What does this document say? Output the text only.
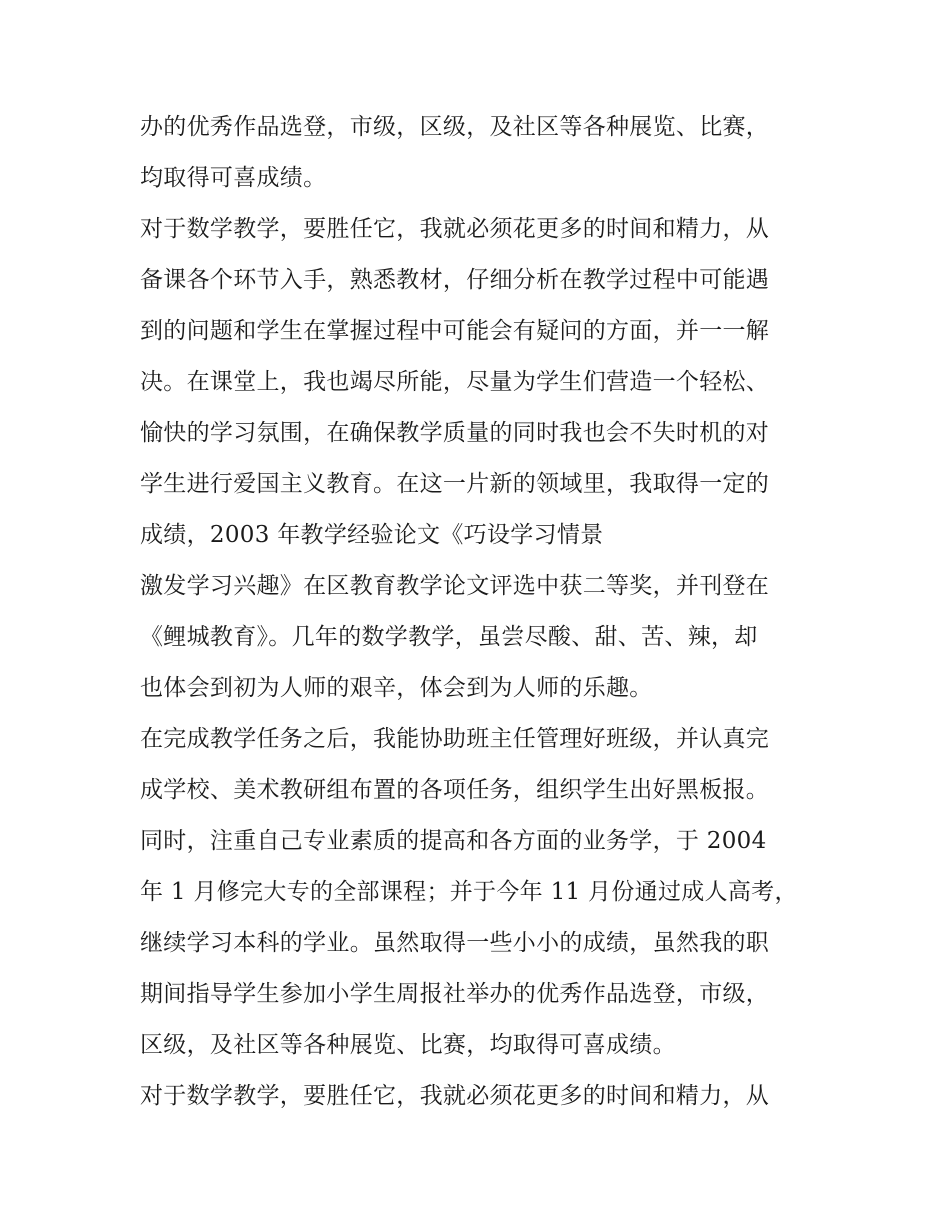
办的优秀作品选登，市级，区级，及社区等各种展览、比赛，
均取得可喜成绩。
对于数学教学，要胜任它，我就必须花更多的时间和精力，从
备课各个环节入手，熟悉教材，仔细分析在教学过程中可能遇
到的问题和学生在掌握过程中可能会有疑问的方面，并一一解
决。在课堂上，我也竭尽所能，尽量为学生们营造一个轻松、
愉快的学习氛围，在确保教学质量的同时我也会不失时机的对
学生进行爱国主义教育。在这一片新的领域里，我取得一定的
成绩，2003 年教学经验论文《巧设学习情景
激发学习兴趣》在区教育教学论文评选中获二等奖，并刊登在
《鲤城教育》。几年的数学教学，虽尝尽酸、甜、苦、辣，却
也体会到初为人师的艰辛，体会到为人师的乐趣。
在完成教学任务之后，我能协助班主任管理好班级，并认真完
成学校、美术教研组布置的各项任务，组织学生出好黑板报。
同时，注重自己专业素质的提高和各方面的业务学，于 2004
年 1 月修完大专的全部课程；并于今年 11 月份通过成人高考，
继续学习本科的学业。虽然取得一些小小的成绩，虽然我的职
期间指导学生参加小学生周报社举办的优秀作品选登，市级，
区级，及社区等各种展览、比赛，均取得可喜成绩。
对于数学教学，要胜任它，我就必须花更多的时间和精力，从
